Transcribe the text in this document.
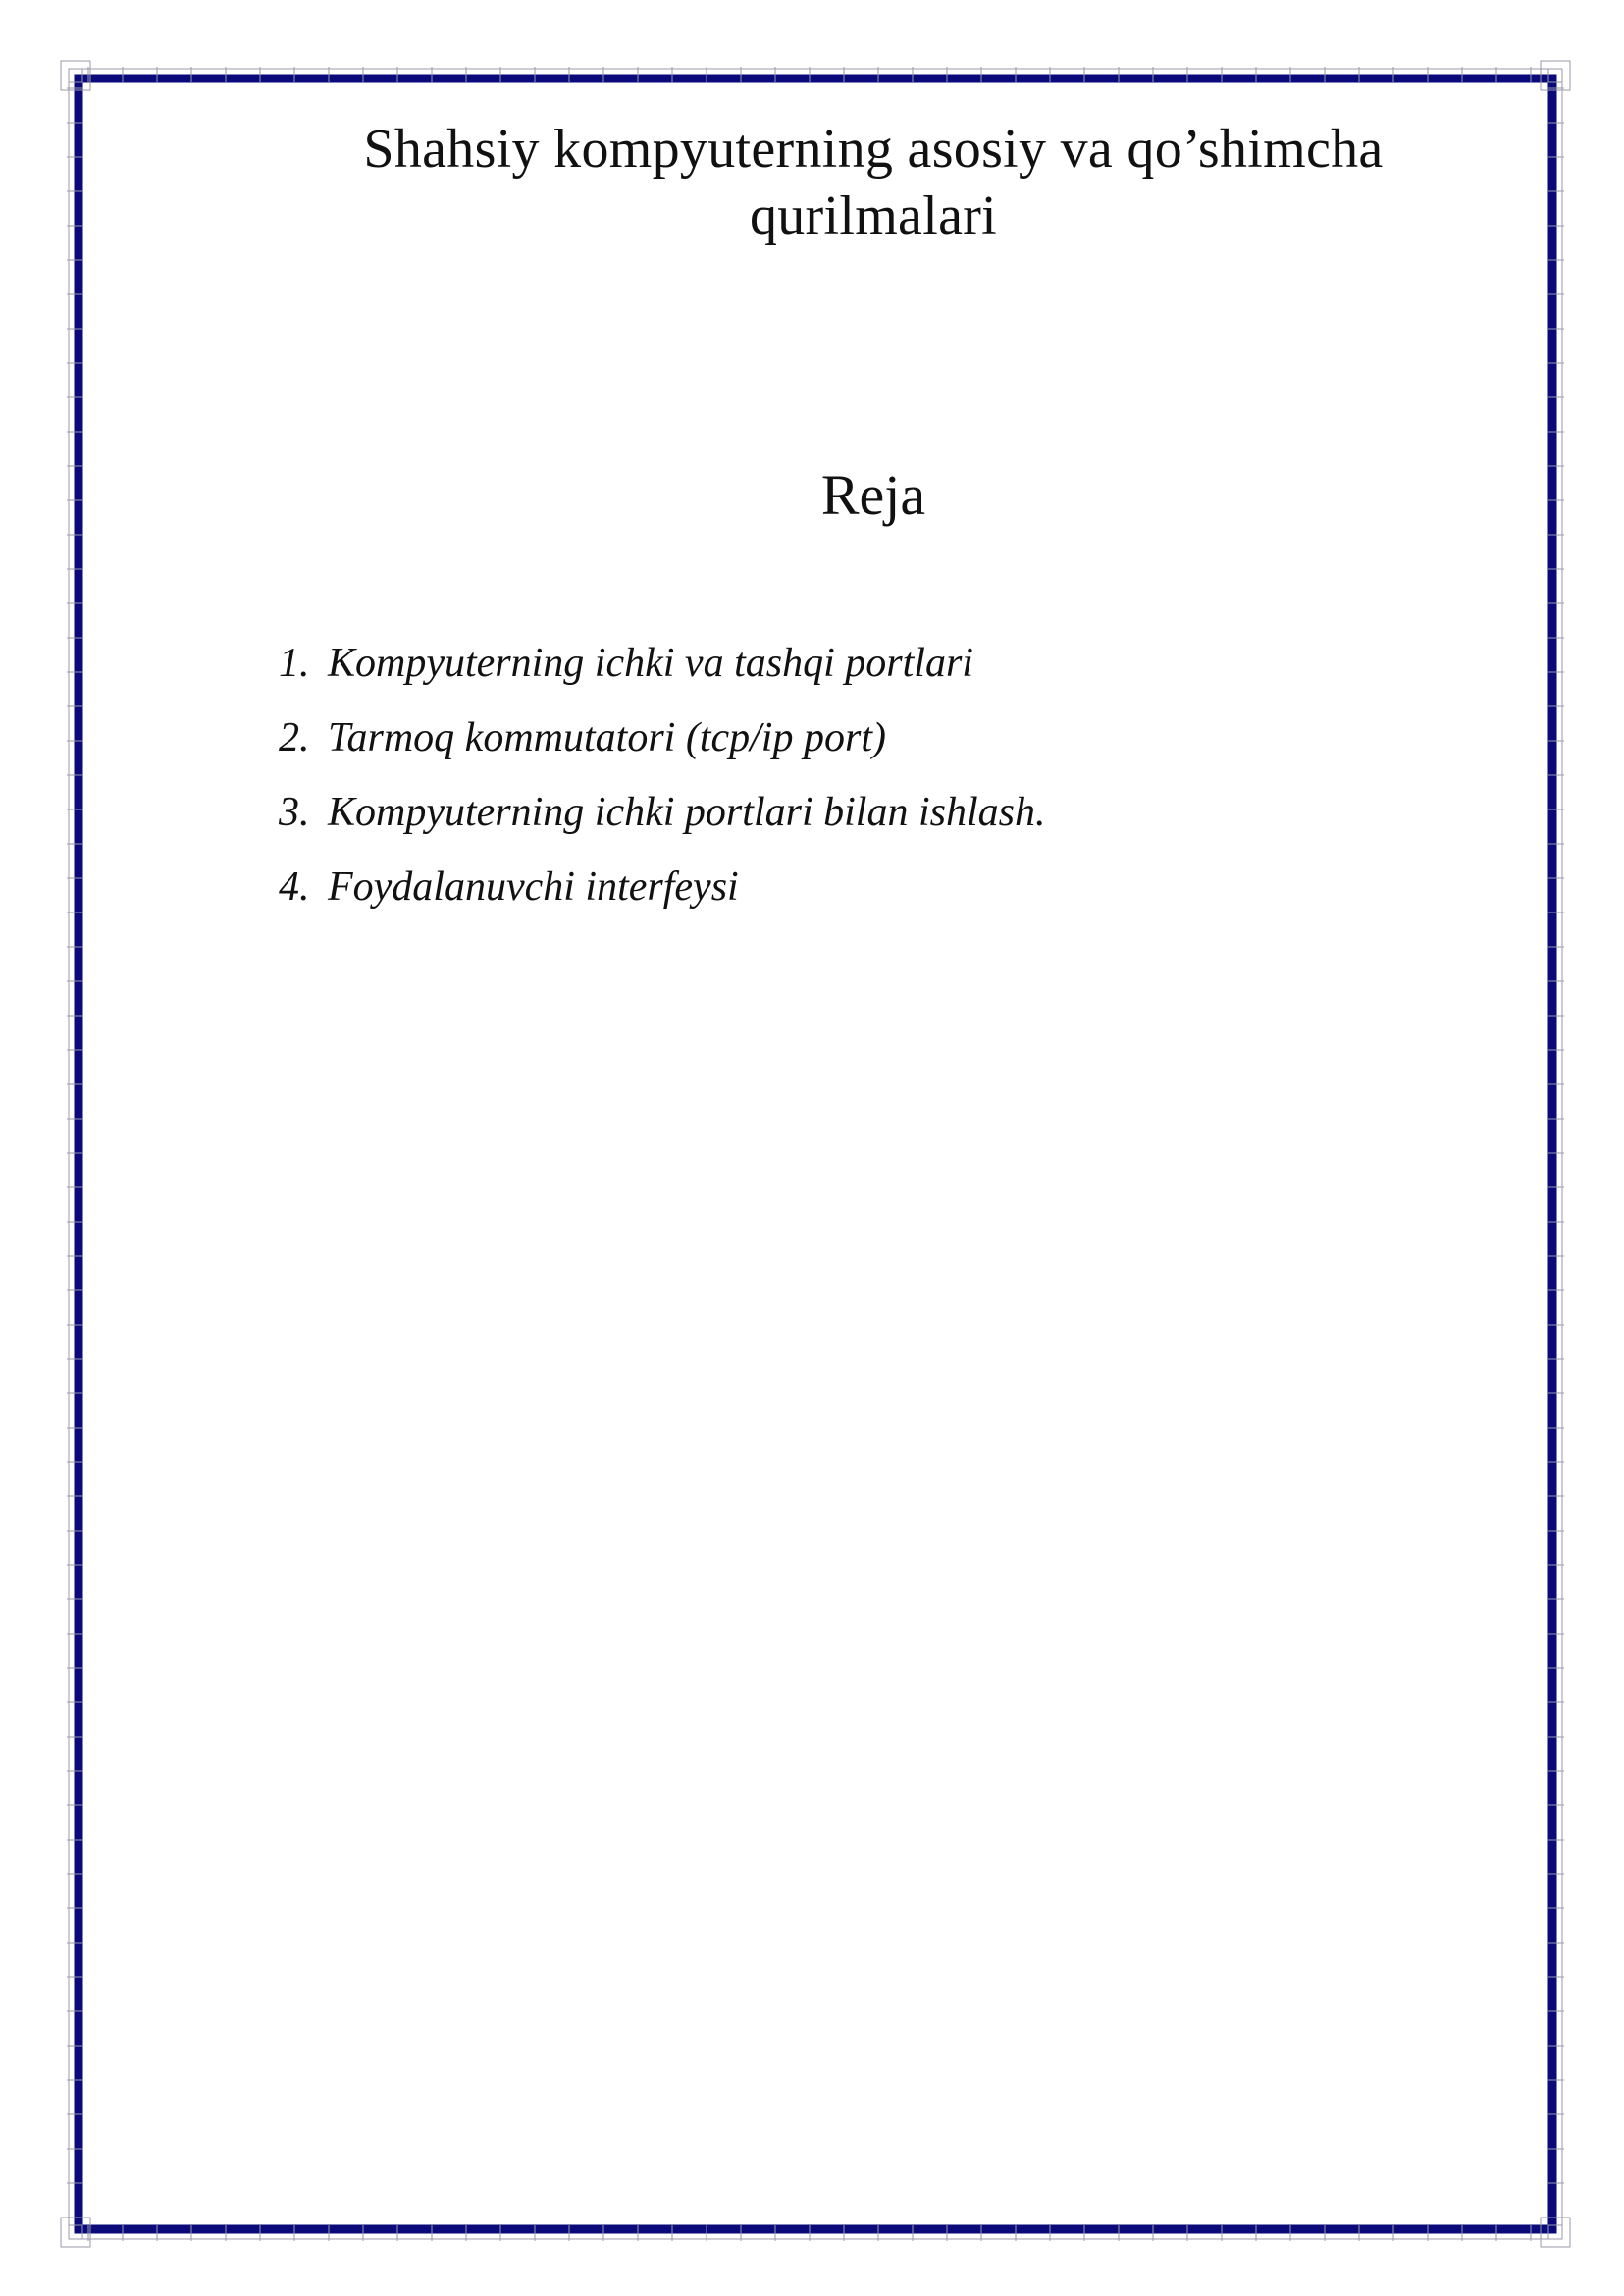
Shahsiy kompyuterning asosiy va qo’shimcha
qurilmalari
Reja
1. Kompyuterning ichki va tashqi portlari
2. Tarmoq kommutatori (tcp/ip port)
3. Kompyuterning ichki portlari bilan ishlash.
4. Foydalanuvchi interfeysi
